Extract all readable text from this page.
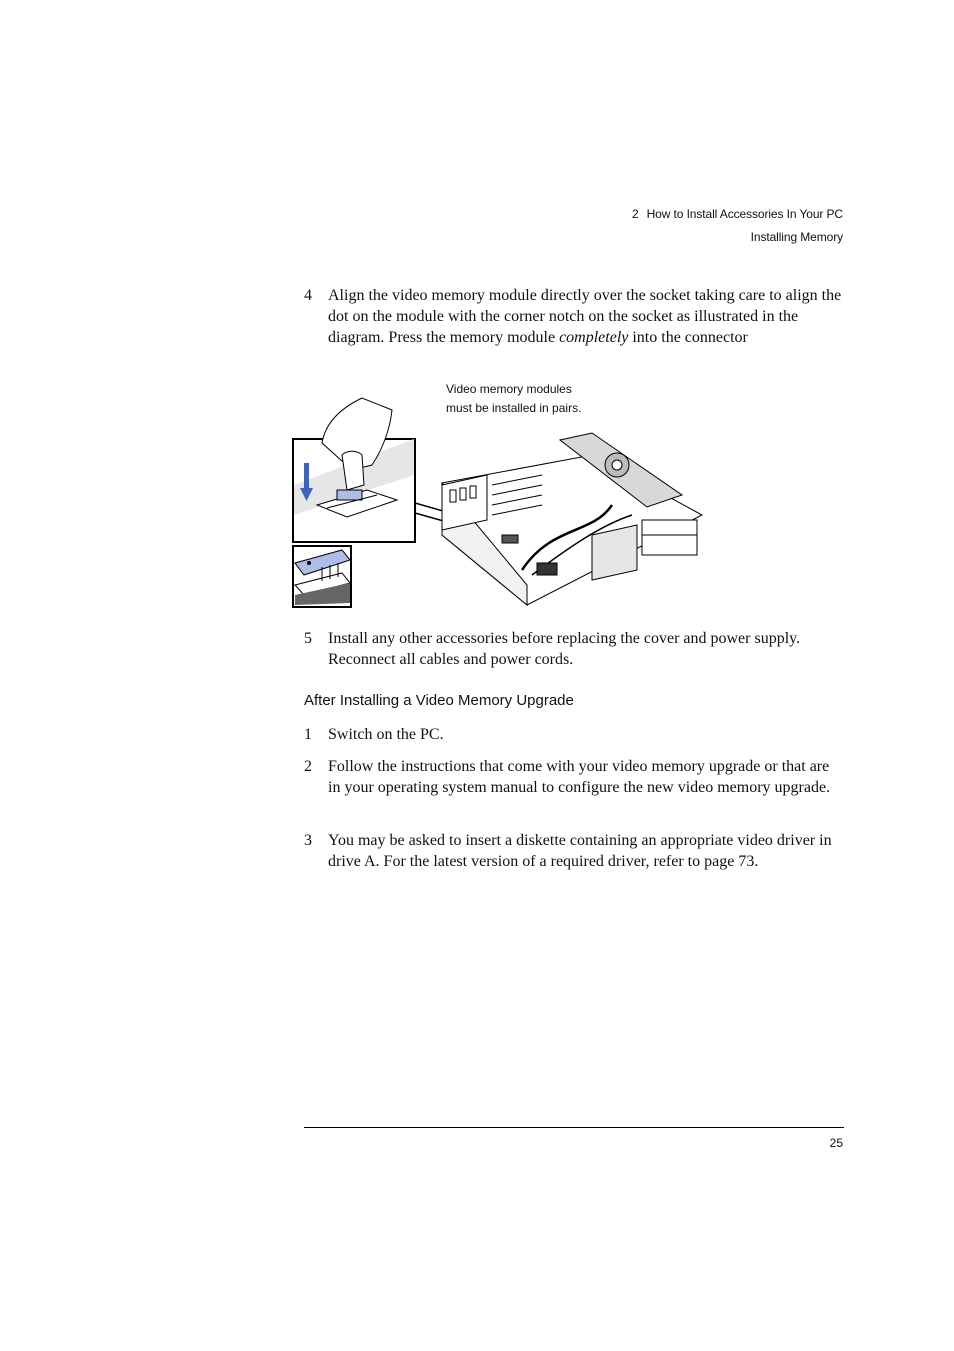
2 How to Install Accessories In Your PC
Installing Memory
4 Align the video memory module directly over the socket taking care to align the dot on the module with the corner notch on the socket as illustrated in the diagram. Press the memory module completely into the connector
Video memory modules
must be installed in pairs.
5 Install any other accessories before replacing the cover and power supply. Reconnect all cables and power cords.
After Installing a Video Memory Upgrade
1 Switch on the PC.
2 Follow the instructions that come with your video memory upgrade or that are in your operating system manual to configure the new video memory upgrade.
3 You may be asked to insert a diskette containing an appropriate video driver in drive A. For the latest version of a required driver, refer to page 73.
25
